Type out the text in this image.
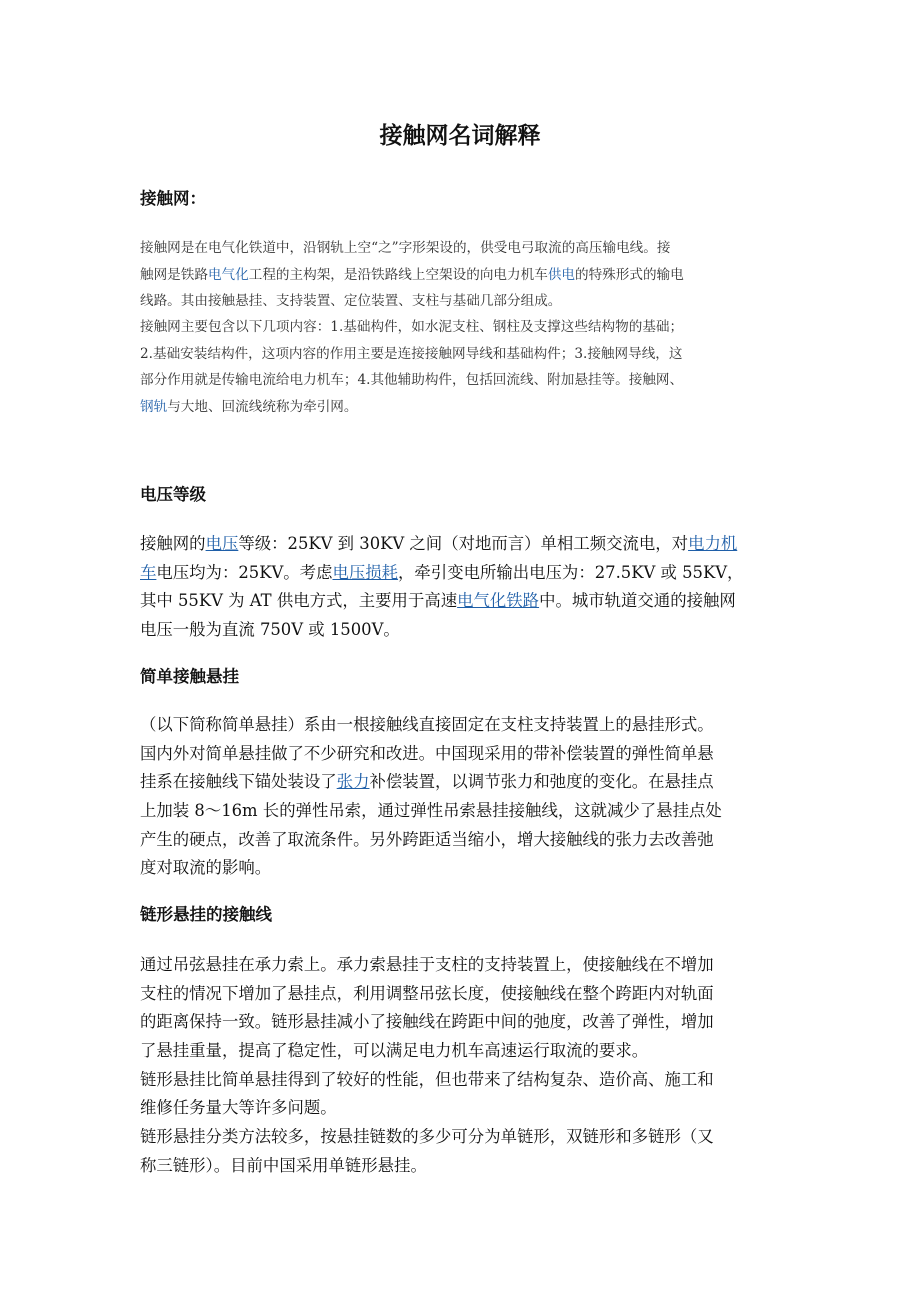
接触网名词解释
接触网：

接触网是在电气化铁道中，沿钢轨上空“之”字形架设的，供受电弓取流的高压输电线。接
触网是铁路电气化工程的主构架，是沿铁路线上空架设的向电力机车供电的特殊形式的输电
线路。其由接触悬挂、支持装置、定位装置、支柱与基础几部分组成。

接触网主要包含以下几项内容：1.基础构件，如水泥支柱、钢柱及支撑这些结构物的基础；
2.基础安装结构件，这项内容的作用主要是连接接触网导线和基础构件；3.接触网导线，这
部分作用就是传输电流给电力机车；4.其他辅助构件，包括回流线、附加悬挂等。接触网、
钢轨与大地、回流线统称为牵引网。

电压等级

接触网的电压等级：25KV 到 30KV 之间（对地而言）单相工频交流电，对电力机
车电压均为：25KV。考虑电压损耗，牵引变电所输出电压为：27.5KV 或 55KV，
其中 55KV 为 AT 供电方式，主要用于高速电气化铁路中。城市轨道交通的接触网
电压一般为直流 750V 或 1500V。

简单接触悬挂

（以下简称简单悬挂）系由一根接触线直接固定在支柱支持装置上的悬挂形式。
国内外对简单悬挂做了不少研究和改进。中国现采用的带补偿装置的弹性简单悬
挂系在接触线下锚处装设了张力补偿装置，以调节张力和弛度的变化。在悬挂点
上加装 8～16m 长的弹性吊索，通过弹性吊索悬挂接触线，这就减少了悬挂点处
产生的硬点，改善了取流条件。另外跨距适当缩小，增大接触线的张力去改善弛
度对取流的影响。

链形悬挂的接触线

通过吊弦悬挂在承力索上。承力索悬挂于支柱的支持装置上，使接触线在不增加
支柱的情况下增加了悬挂点，利用调整吊弦长度，使接触线在整个跨距内对轨面
的距离保持一致。链形悬挂减小了接触线在跨距中间的弛度，改善了弹性，增加
了悬挂重量，提高了稳定性，可以满足电力机车高速运行取流的要求。
链形悬挂比简单悬挂得到了较好的性能，但也带来了结构复杂、造价高、施工和
维修任务量大等许多问题。
链形悬挂分类方法较多，按悬挂链数的多少可分为单链形，双链形和多链形（又
称三链形）。目前中国采用单链形悬挂。
